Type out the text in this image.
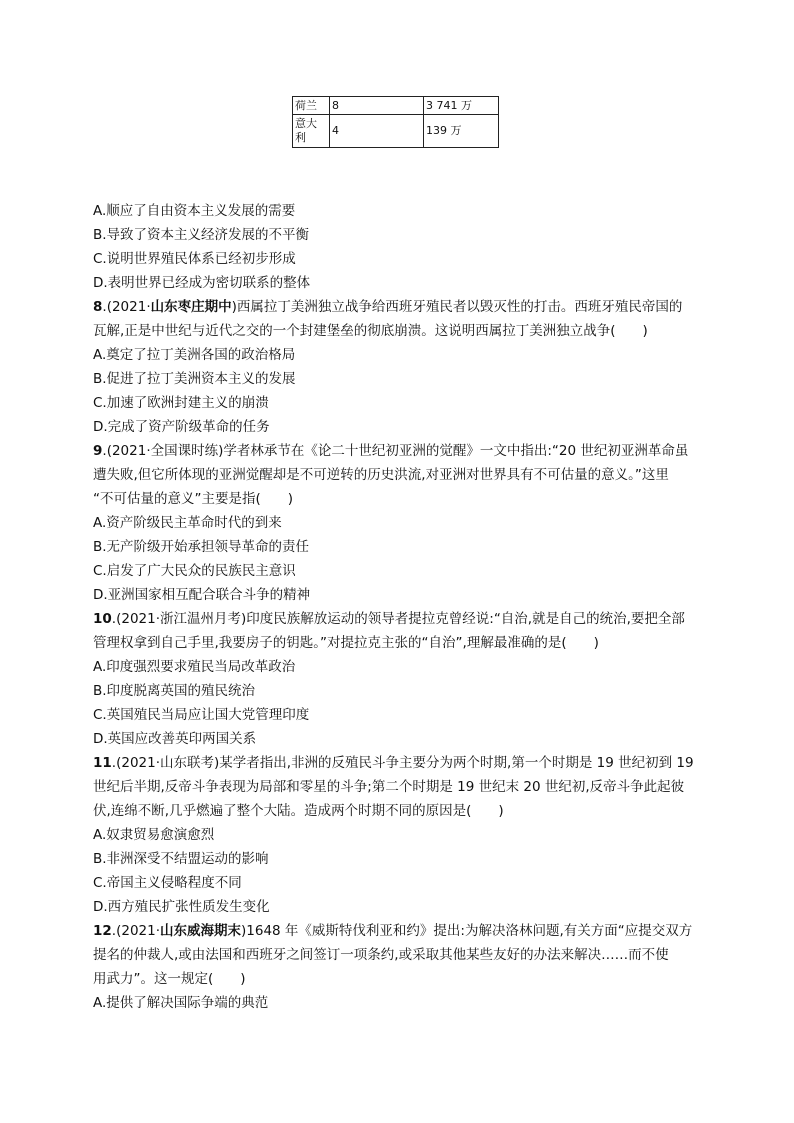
荷兰	8	3 741 万
意大
利	4	139 万
A.顺应了自由资本主义发展的需要
B.导致了资本主义经济发展的不平衡
C.说明世界殖民体系已经初步形成
D.表明世界已经成为密切联系的整体
8.(2021·山东枣庄期中)西属拉丁美洲独立战争给西班牙殖民者以毁灭性的打击。西班牙殖民帝国的
瓦解,正是中世纪与近代之交的一个封建堡垒的彻底崩溃。这说明西属拉丁美洲独立战争(　　)
A.奠定了拉丁美洲各国的政治格局
B.促进了拉丁美洲资本主义的发展
C.加速了欧洲封建主义的崩溃
D.完成了资产阶级革命的任务
9.(2021·全国课时练)学者林承节在《论二十世纪初亚洲的觉醒》一文中指出:“20 世纪初亚洲革命虽
遭失败,但它所体现的亚洲觉醒却是不可逆转的历史洪流,对亚洲对世界具有不可估量的意义。”这里
“不可估量的意义”主要是指(　　)
A.资产阶级民主革命时代的到来
B.无产阶级开始承担领导革命的责任
C.启发了广大民众的民族民主意识
D.亚洲国家相互配合联合斗争的精神
10.(2021·浙江温州月考)印度民族解放运动的领导者提拉克曾经说:“自治,就是自己的统治,要把全部
管理权拿到自己手里,我要房子的钥匙。”对提拉克主张的“自治”,理解最准确的是(　　)
A.印度强烈要求殖民当局改革政治
B.印度脱离英国的殖民统治
C.英国殖民当局应让国大党管理印度
D.英国应改善英印两国关系
11.(2021·山东联考)某学者指出,非洲的反殖民斗争主要分为两个时期,第一个时期是 19 世纪初到 19
世纪后半期,反帝斗争表现为局部和零星的斗争;第二个时期是 19 世纪末 20 世纪初,反帝斗争此起彼
伏,连绵不断,几乎燃遍了整个大陆。造成两个时期不同的原因是(　　)
A.奴隶贸易愈演愈烈
B.非洲深受不结盟运动的影响
C.帝国主义侵略程度不同
D.西方殖民扩张性质发生变化
12.(2021·山东威海期末)1648 年《威斯特伐利亚和约》提出:为解决洛林问题,有关方面“应提交双方
提名的仲裁人,或由法国和西班牙之间签订一项条约,或采取其他某些友好的办法来解决……而不使
用武力”。这一规定(　　)
A.提供了解决国际争端的典范
